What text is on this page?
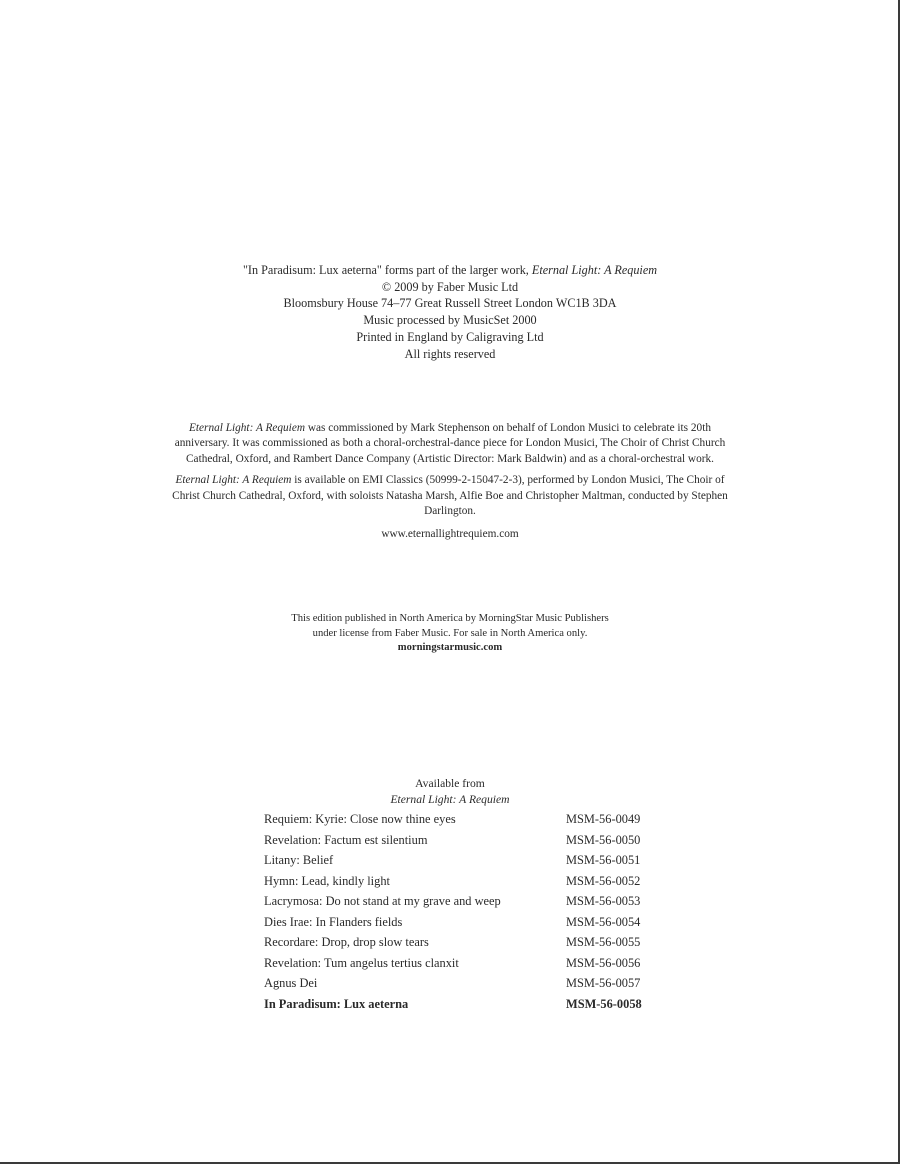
"In Paradisum: Lux aeterna" forms part of the larger work, Eternal Light: A Requiem
© 2009 by Faber Music Ltd
Bloomsbury House 74–77 Great Russell Street London WC1B 3DA
Music processed by MusicSet 2000
Printed in England by Caligraving Ltd
All rights reserved

Eternal Light: A Requiem was commissioned by Mark Stephenson on behalf of London Musici to celebrate its 20th anniversary. It was commissioned as both a choral-orchestral-dance piece for London Musici, The Choir of Christ Church Cathedral, Oxford, and Rambert Dance Company (Artistic Director: Mark Baldwin) and as a choral-orchestral work.

Eternal Light: A Requiem is available on EMI Classics (50999-2-15047-2-3), performed by London Musici, The Choir of Christ Church Cathedral, Oxford, with soloists Natasha Marsh, Alfie Boe and Christopher Maltman, conducted by Stephen Darlington.

www.eternallightrequiem.com

This edition published in North America by MorningStar Music Publishers
under license from Faber Music. For sale in North America only.
morningstarmusic.com
Available from
Eternal Light: A Requiem
Requiem: Kyrie: Close now thine eyes	MSM-56-0049
Revelation: Factum est silentium	MSM-56-0050
Litany: Belief	MSM-56-0051
Hymn: Lead, kindly light	MSM-56-0052
Lacrymosa: Do not stand at my grave and weep	MSM-56-0053
Dies Irae: In Flanders fields	MSM-56-0054
Recordare: Drop, drop slow tears	MSM-56-0055
Revelation: Tum angelus tertius clanxit	MSM-56-0056
Agnus Dei	MSM-56-0057
In Paradisum: Lux aeterna	MSM-56-0058
